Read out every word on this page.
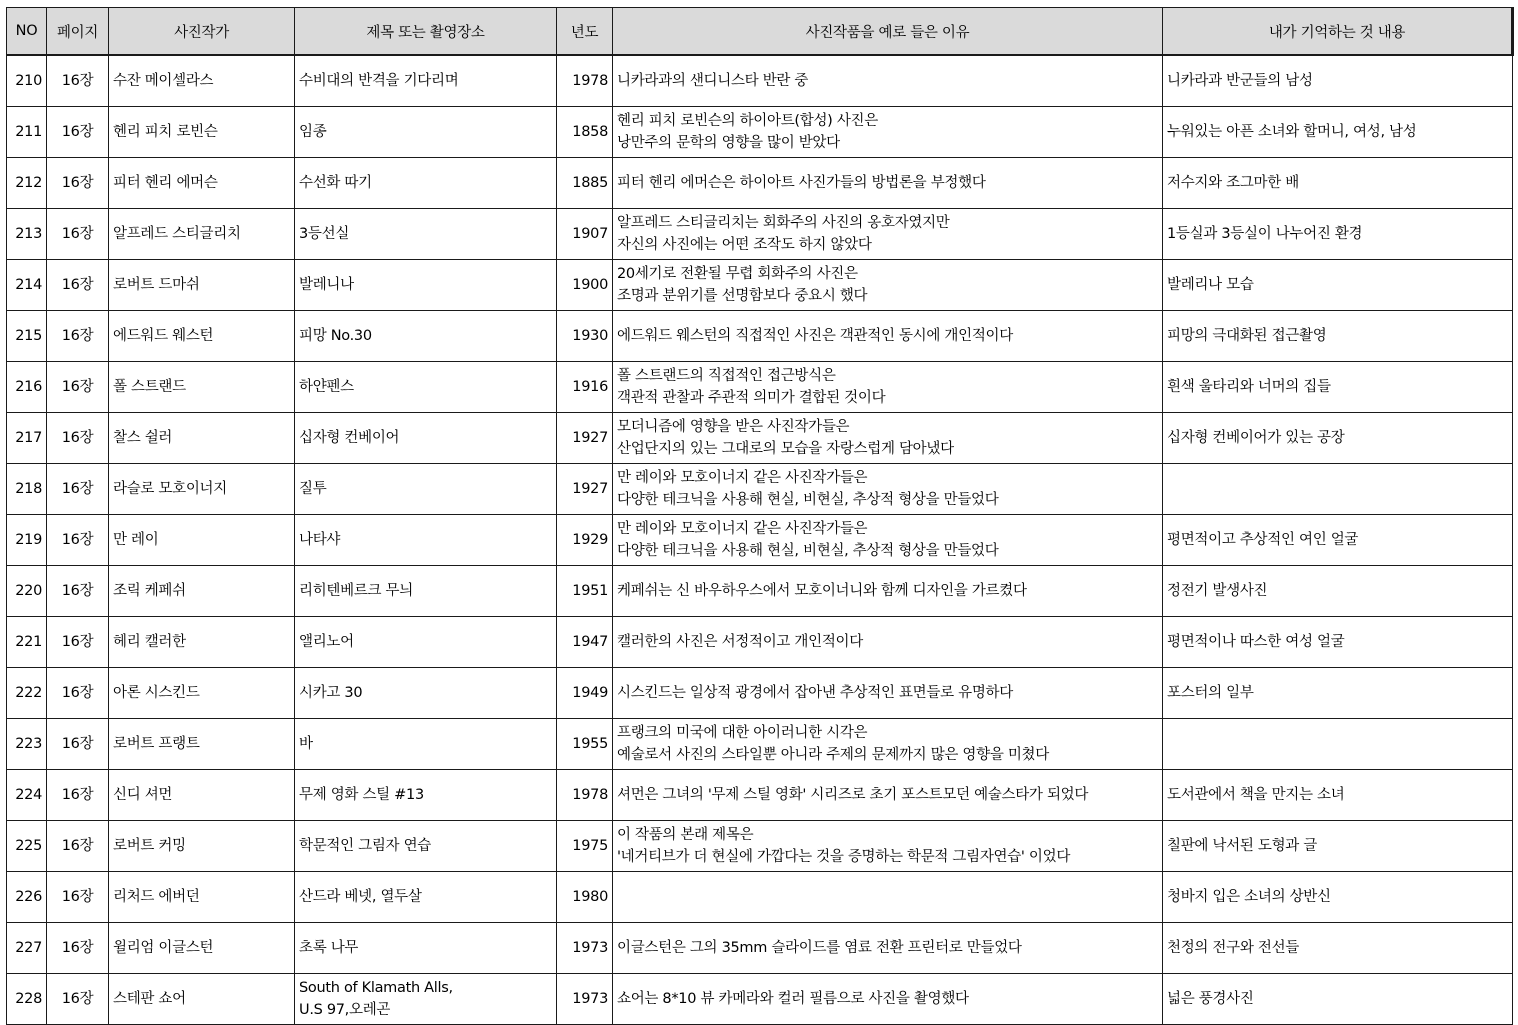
NO	페이지	사진작가	제목 또는 촬영장소	년도	사진작품을 예로 들은 이유	내가 기억하는 것 내용
210	16장	수잔 메이셀라스	수비대의 반격을 기다리며	1978	니카라과의 샌디니스타 반란 중	니카라과 반군들의 남성
211	16장	헨리 피치 로빈슨	임종	1858	헨리 피치 로빈슨의 하이아트(합성) 사진은
낭만주의 문학의 영향을 많이 받았다	누워있는 아픈 소녀와 할머니, 여성, 남성
212	16장	피터 헨리 에머슨	수선화 따기	1885	피터 헨리 에머슨은 하이아트 사진가들의 방법론을 부정했다	저수지와 조그마한 배
213	16장	알프레드 스티글리치	3등선실	1907	알프레드 스티글리치는 회화주의 사진의 옹호자였지만
자신의 사진에는 어떤 조작도 하지 않았다	1등실과 3등실이 나누어진 환경
214	16장	로버트 드마쉬	발레니나	1900	20세기로 전환될 무렵 회화주의 사진은
조명과 분위기를 선명함보다 중요시 했다	발레리나 모습
215	16장	에드워드 웨스턴	피망 No.30	1930	에드워드 웨스턴의 직접적인 사진은 객관적인 동시에 개인적이다	피망의 극대화된 접근촬영
216	16장	폴 스트랜드	하얀펜스	1916	폴 스트랜드의 직접적인 접근방식은
객관적 관찰과 주관적 의미가 결합된 것이다	흰색 울타리와 너머의 집들
217	16장	찰스 쉴러	십자형 컨베이어	1927	모더니즘에 영향을 받은 사진작가들은
산업단지의 있는 그대로의 모습을 자랑스럽게 담아냈다	십자형 컨베이어가 있는 공장
218	16장	라슬로 모호이너지	질투	1927	만 레이와 모호이너지 같은 사진작가들은
다양한 테크닉을 사용해 현실, 비현실, 추상적 형상을 만들었다	

219	16장	만 레이	나타샤	1929	만 레이와 모호이너지 같은 사진작가들은
다양한 테크닉을 사용해 현실, 비현실, 추상적 형상을 만들었다	평면적이고 추상적인 여인 얼굴
220	16장	조릭 케페쉬	리히텐베르크 무늬	1951	케페쉬는 신 바우하우스에서 모호이너니와 함께 디자인을 가르켰다	정전기 발생사진
221	16장	헤리 캘러한	앨리노어	1947	캘러한의 사진은 서정적이고 개인적이다	평면적이나 따스한 여성 얼굴
222	16장	아론 시스킨드	시카고 30	1949	시스킨드는 일상적 광경에서 잡아낸 추상적인 표면들로 유명하다	포스터의 일부
223	16장	로버트 프랭트	바	1955	프랭크의 미국에 대한 아이러니한 시각은
예술로서 사진의 스타일뿐 아니라 주제의 문제까지 많은 영향을 미쳤다	

224	16장	신디 셔먼	무제 영화 스틸 #13	1978	셔먼은 그녀의 '무제 스틸 영화' 시리즈로 초기 포스트모던 예술스타가 되었다	도서관에서 책을 만지는 소녀
225	16장	로버트 커밍	학문적인 그림자 연습	1975	이 작품의 본래 제목은
'네거티브가 더 현실에 가깝다는 것을 증명하는 학문적 그림자연습' 이었다	칠판에 낙서된 도형과 글
226	16장	리처드 에버던	산드라 베넷, 열두살	1980		청바지 입은 소녀의 상반신
227	16장	윌리엄 이글스턴	초록 나무	1973	이글스턴은 그의 35mm 슬라이드를 염료 전환 프린터로 만들었다	천정의 전구와 전선들
228	16장	스테판 쇼어	South of Klamath Alls,
U.S 97,오레곤	1973	쇼어는 8*10 뷰 카메라와 컬러 필름으로 사진을 촬영했다	넓은 풍경사진
